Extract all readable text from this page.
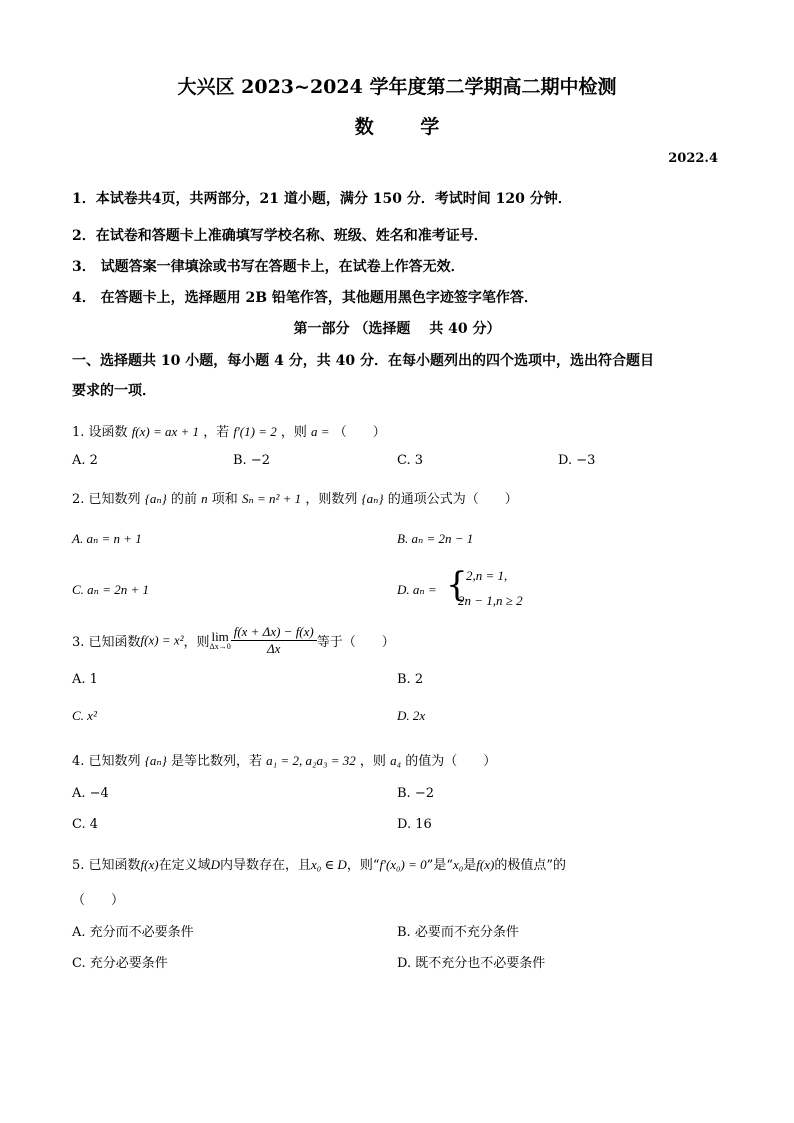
大兴区 2023~2024 学年度第二学期高二期中检测
数 学
2022.4
1．本试卷共4页，共两部分，21 道小题，满分 150 分．考试时间 120 分钟．
2．在试卷和答题卡上准确填写学校名称、班级、姓名和准考证号．
3． 试题答案一律填涂或书写在答题卡上，在试卷上作答无效．
4． 在答题卡上，选择题用 2B 铅笔作答，其他题用黑色字迹签字笔作答．
第一部分 （选择题　 共 40 分）
一、选择题共 10 小题，每小题 4 分，共 40 分．在每小题列出的四个选项中，选出符合题目
要求的一项．
1. 设函数 f(x) = ax + 1 ，若 f′(1) = 2 ，则 a = （　　）
A. 2	B. −2	C. 3	D. −3
2. 已知数列 {aₙ} 的前 n 项和 Sₙ = n² + 1 ，则数列 {aₙ} 的通项公式为（　　）
A. aₙ = n + 1	B. aₙ = 2n − 1
C. aₙ = 2n + 1	D. aₙ = {
2,n = 1,
2n − 1,n ≥ 2
3. 已知函数f(x) = x²，则 lim
$\Delta x\to 0 \frac{f(x + \Delta x) - f(x)}{\Delta x}$ 等于（　　）
A. 1	B. 2
C. x²	D. 2x
4. 已知数列 {aₙ} 是等比数列，若 a₁ = 2, a₂a₃ = 32 ，则 a₄ 的值为（　　）
A. −4	B. −2
C. 4	D. 16
5. 已知函数f(x)在定义域D内导数存在，且x₀ ∈ D，则“f′(x₀) = 0”是“x₀是f(x)的极值点”的
（　　）
A. 充分而不必要条件	B. 必要而不充分条件
C. 充分必要条件	D. 既不充分也不必要条件
